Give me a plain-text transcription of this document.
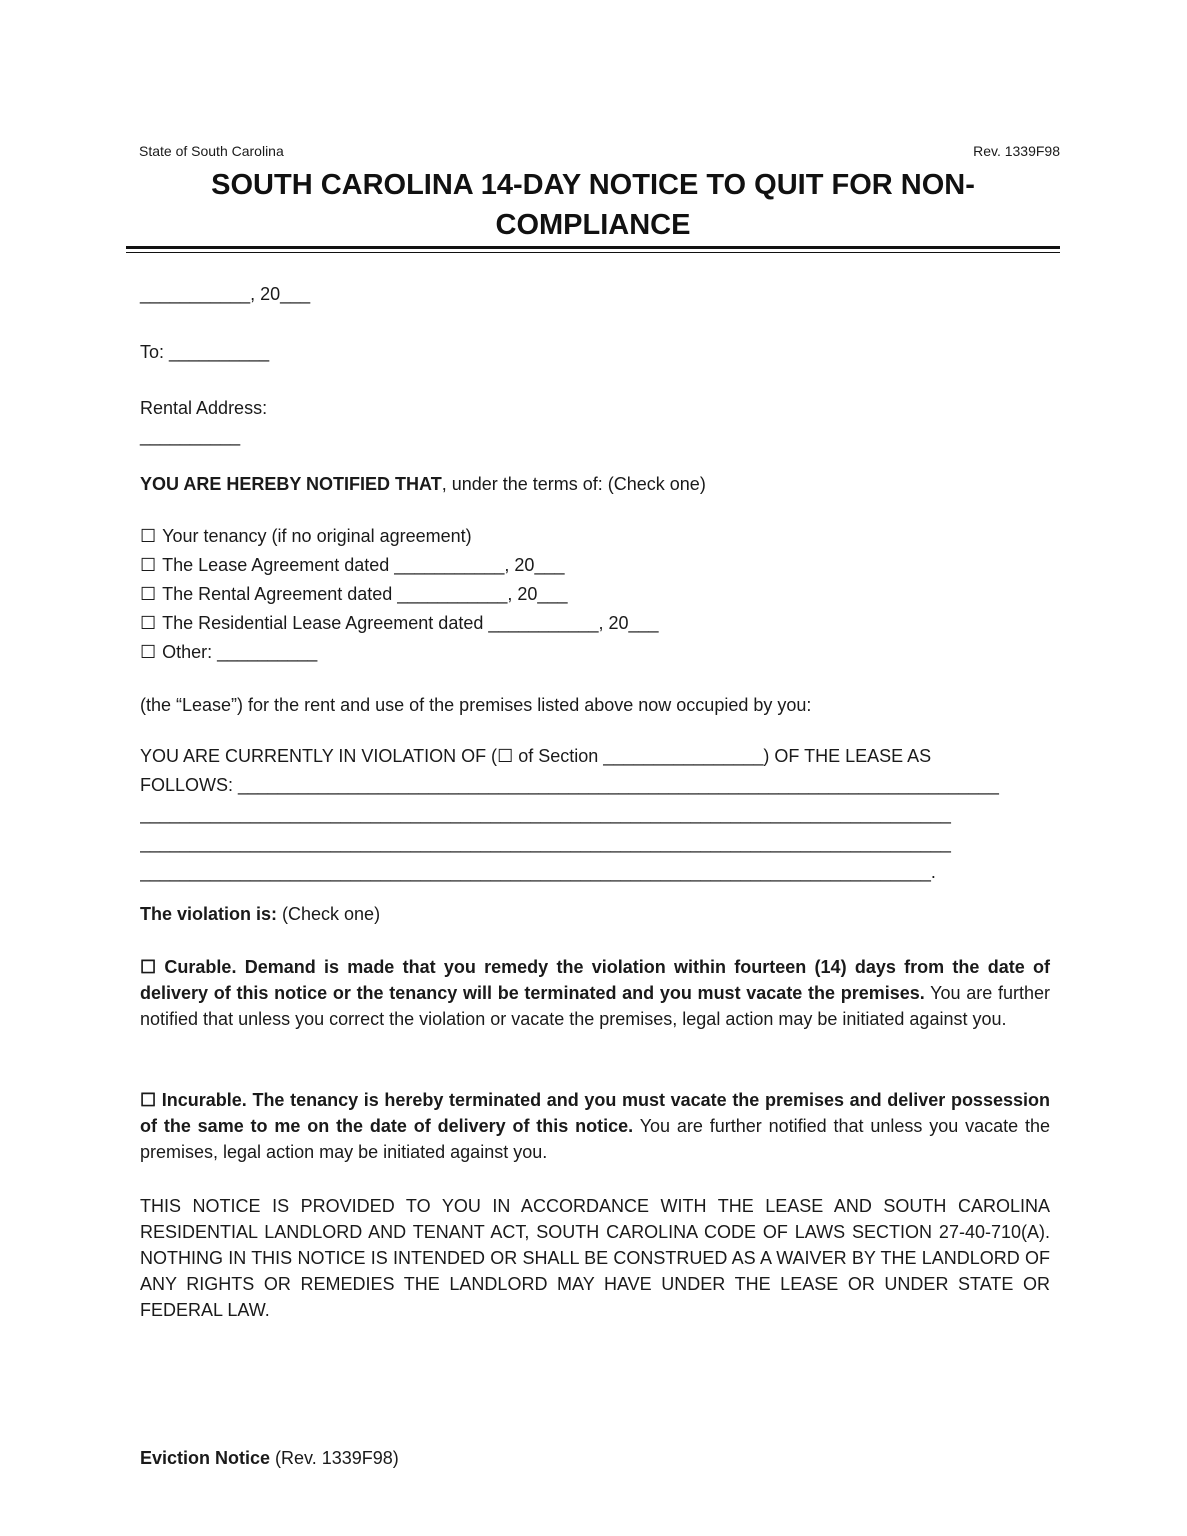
State of South Carolina	Rev. 1339F98
SOUTH CAROLINA 14-DAY NOTICE TO QUIT FOR NON-
COMPLIANCE
___________, 20___
To: __________
Rental Address:
__________
YOU ARE HEREBY NOTIFIED THAT, under the terms of: (Check one)
☐ Your tenancy (if no original agreement)
☐ The Lease Agreement dated ___________, 20___
☐ The Rental Agreement dated ___________, 20___
☐ The Residential Lease Agreement dated ___________, 20___
☐ Other: __________
(the “Lease”) for the rent and use of the premises listed above now occupied by you:
YOU ARE CURRENTLY IN VIOLATION OF (☐ of Section ________________) OF THE LEASE AS
FOLLOWS: ____________________________________________________________________________
_________________________________________________________________________________
_________________________________________________________________________________
_______________________________________________________________________________.
The violation is: (Check one)
☐ Curable. Demand is made that you remedy the violation within fourteen (14) days from the date of delivery of this notice or the tenancy will be terminated and you must vacate the premises. You are further notified that unless you correct the violation or vacate the premises, legal action may be initiated against you.
☐ Incurable. The tenancy is hereby terminated and you must vacate the premises and deliver possession of the same to me on the date of delivery of this notice. You are further notified that unless you vacate the premises, legal action may be initiated against you.
THIS NOTICE IS PROVIDED TO YOU IN ACCORDANCE WITH THE LEASE AND SOUTH CAROLINA RESIDENTIAL LANDLORD AND TENANT ACT, SOUTH CAROLINA CODE OF LAWS SECTION 27-40-710(A). NOTHING IN THIS NOTICE IS INTENDED OR SHALL BE CONSTRUED AS A WAIVER BY THE LANDLORD OF ANY RIGHTS OR REMEDIES THE LANDLORD MAY HAVE UNDER THE LEASE OR UNDER STATE OR FEDERAL LAW.
Eviction Notice (Rev. 1339F98)
